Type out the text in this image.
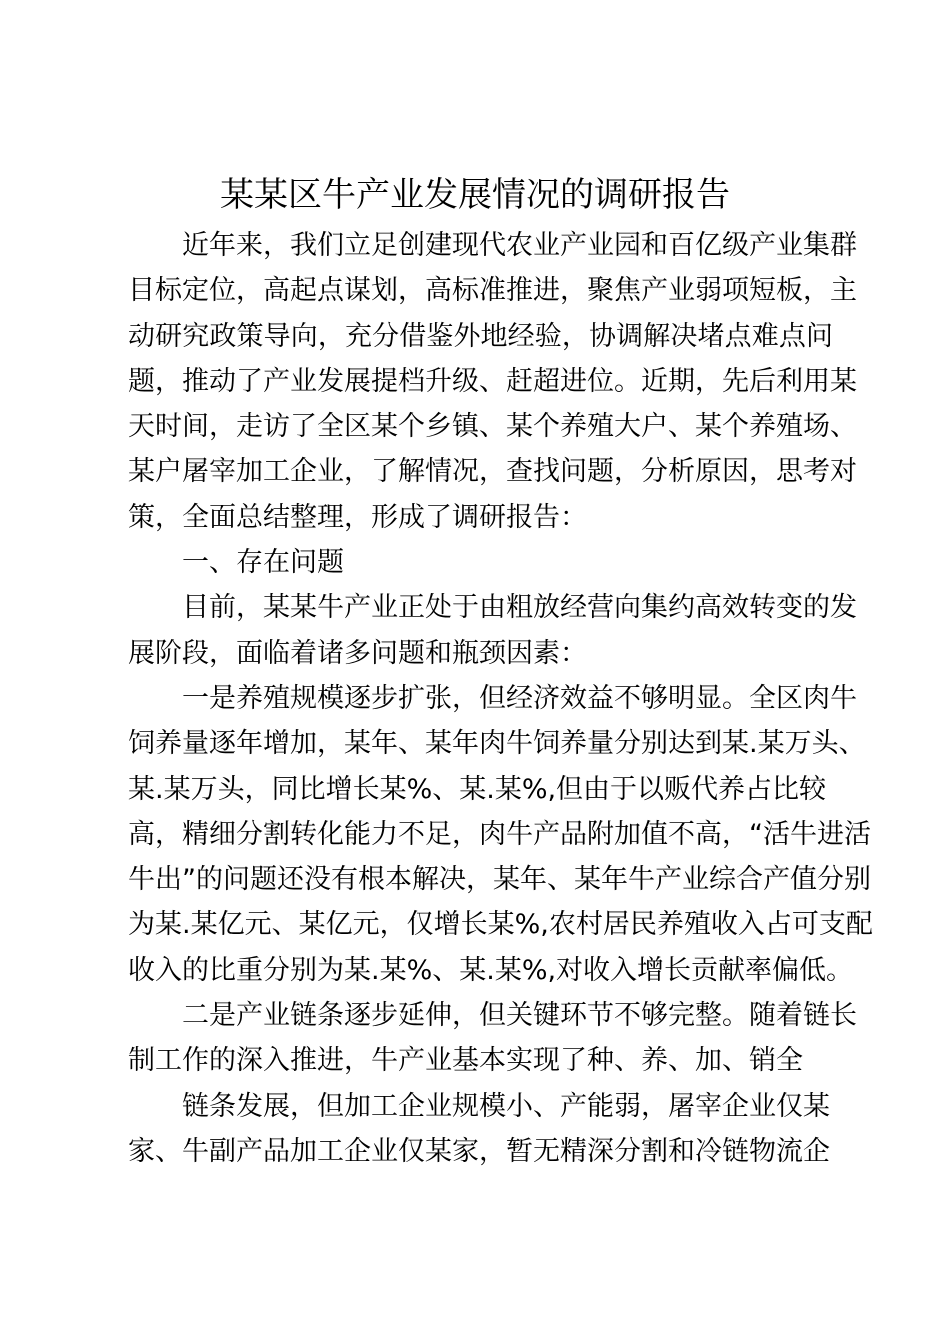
某某区牛产业发展情况的调研报告
近年来，我们立足创建现代农业产业园和百亿级产业集群
目标定位，高起点谋划，高标准推进，聚焦产业弱项短板，主
动研究政策导向，充分借鉴外地经验，协调解决堵点难点问
题，推动了产业发展提档升级、赶超进位。近期，先后利用某
天时间，走访了全区某个乡镇、某个养殖大户、某个养殖场、
某户屠宰加工企业，了解情况，查找问题，分析原因，思考对
策，全面总结整理，形成了调研报告：
一、存在问题
目前，某某牛产业正处于由粗放经营向集约高效转变的发
展阶段，面临着诸多问题和瓶颈因素：
一是养殖规模逐步扩张，但经济效益不够明显。全区肉牛
饲养量逐年增加，某年、某年肉牛饲养量分别达到某.某万头、
某.某万头，同比增长某%、某.某%,但由于以贩代养占比较
高，精细分割转化能力不足，肉牛产品附加值不高，“活牛进活
牛出”的问题还没有根本解决，某年、某年牛产业综合产值分别
为某.某亿元、某亿元，仅增长某%,农村居民养殖收入占可支配
收入的比重分别为某.某%、某.某%,对收入增长贡献率偏低。
二是产业链条逐步延伸，但关键环节不够完整。随着链长
制工作的深入推进，牛产业基本实现了种、养、加、销全
链条发展，但加工企业规模小、产能弱，屠宰企业仅某
家、牛副产品加工企业仅某家，暂无精深分割和冷链物流企
